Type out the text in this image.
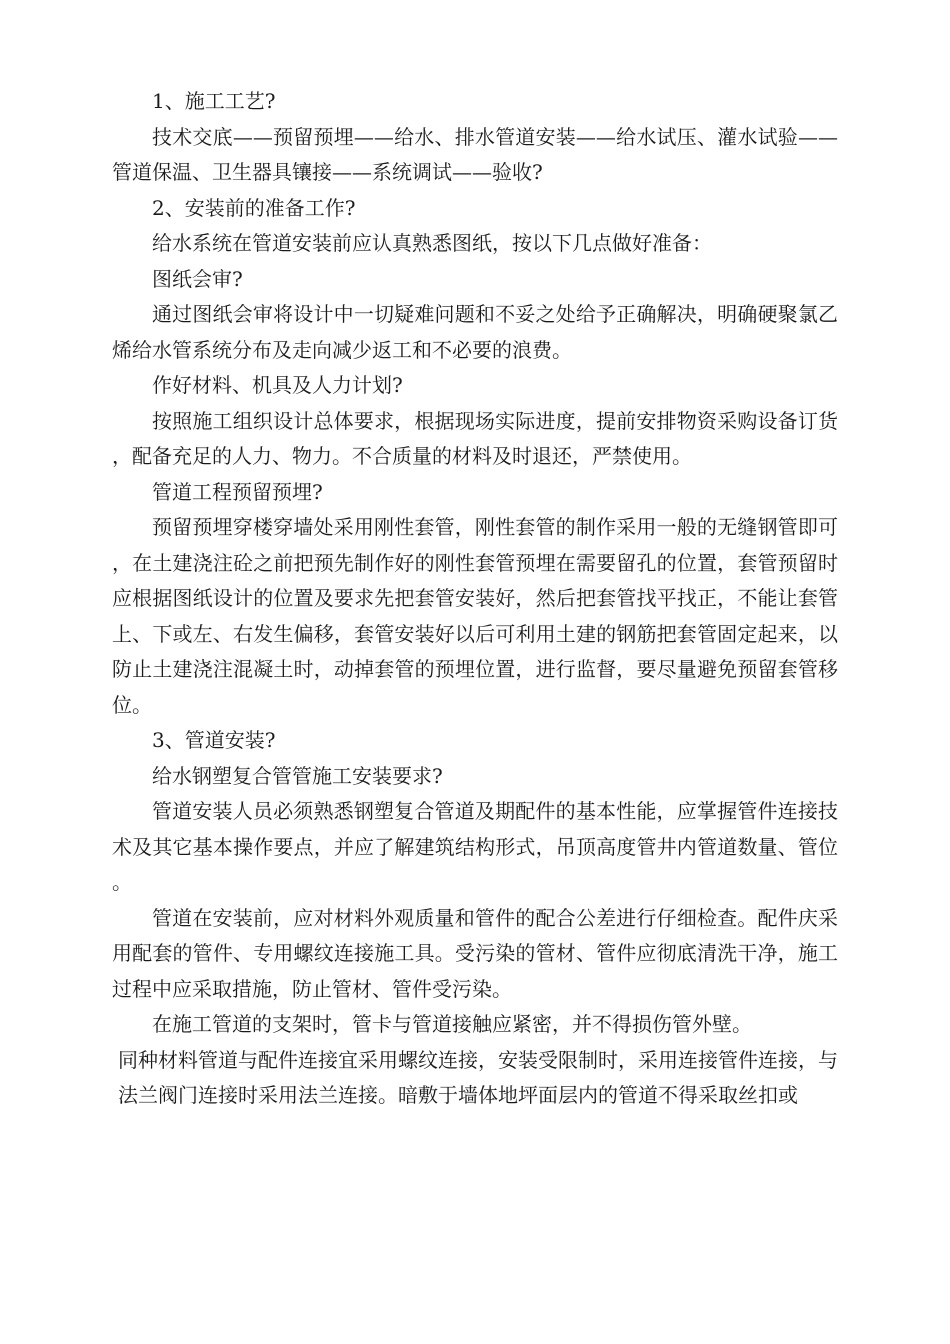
1、施工工艺?

技术交底——预留预埋——给水、排水管道安装——给水试压、灌水试验——管道保温、卫生器具镶接——系统调试——验收?

2、安装前的准备工作?

给水系统在管道安装前应认真熟悉图纸，按以下几点做好准备：

图纸会审?

通过图纸会审将设计中一切疑难问题和不妥之处给予正确解决，明确硬聚氯乙烯给水管系统分布及走向减少返工和不必要的浪费。

作好材料、机具及人力计划?

按照施工组织设计总体要求，根据现场实际进度，提前安排物资采购设备订货，配备充足的人力、物力。不合质量的材料及时退还，严禁使用。

管道工程预留预埋?

预留预埋穿楼穿墙处采用刚性套管，刚性套管的制作采用一般的无缝钢管即可，在土建浇注砼之前把预先制作好的刚性套管预埋在需要留孔的位置，套管预留时应根据图纸设计的位置及要求先把套管安装好，然后把套管找平找正，不能让套管上、下或左、右发生偏移，套管安装好以后可利用土建的钢筋把套管固定起来，以防止土建浇注混凝土时，动掉套管的预埋位置，进行监督，要尽量避免预留套管移位。

3、管道安装?

给水钢塑复合管管施工安装要求?

管道安装人员必须熟悉钢塑复合管道及期配件的基本性能，应掌握管件连接技术及其它基本操作要点，并应了解建筑结构形式，吊顶高度管井内管道数量、管位。

管道在安装前，应对材料外观质量和管件的配合公差进行仔细检查。配件庆采用配套的管件、专用螺纹连接施工具。受污染的管材、管件应彻底清洗干净，施工过程中应采取措施，防止管材、管件受污染。

在施工管道的支架时，管卡与管道接触应紧密，并不得损伤管外壁。

同种材料管道与配件连接宜采用螺纹连接，安装受限制时，采用连接管件连接，与法兰阀门连接时采用法兰连接。暗敷于墙体地坪面层内的管道不得采取丝扣或
